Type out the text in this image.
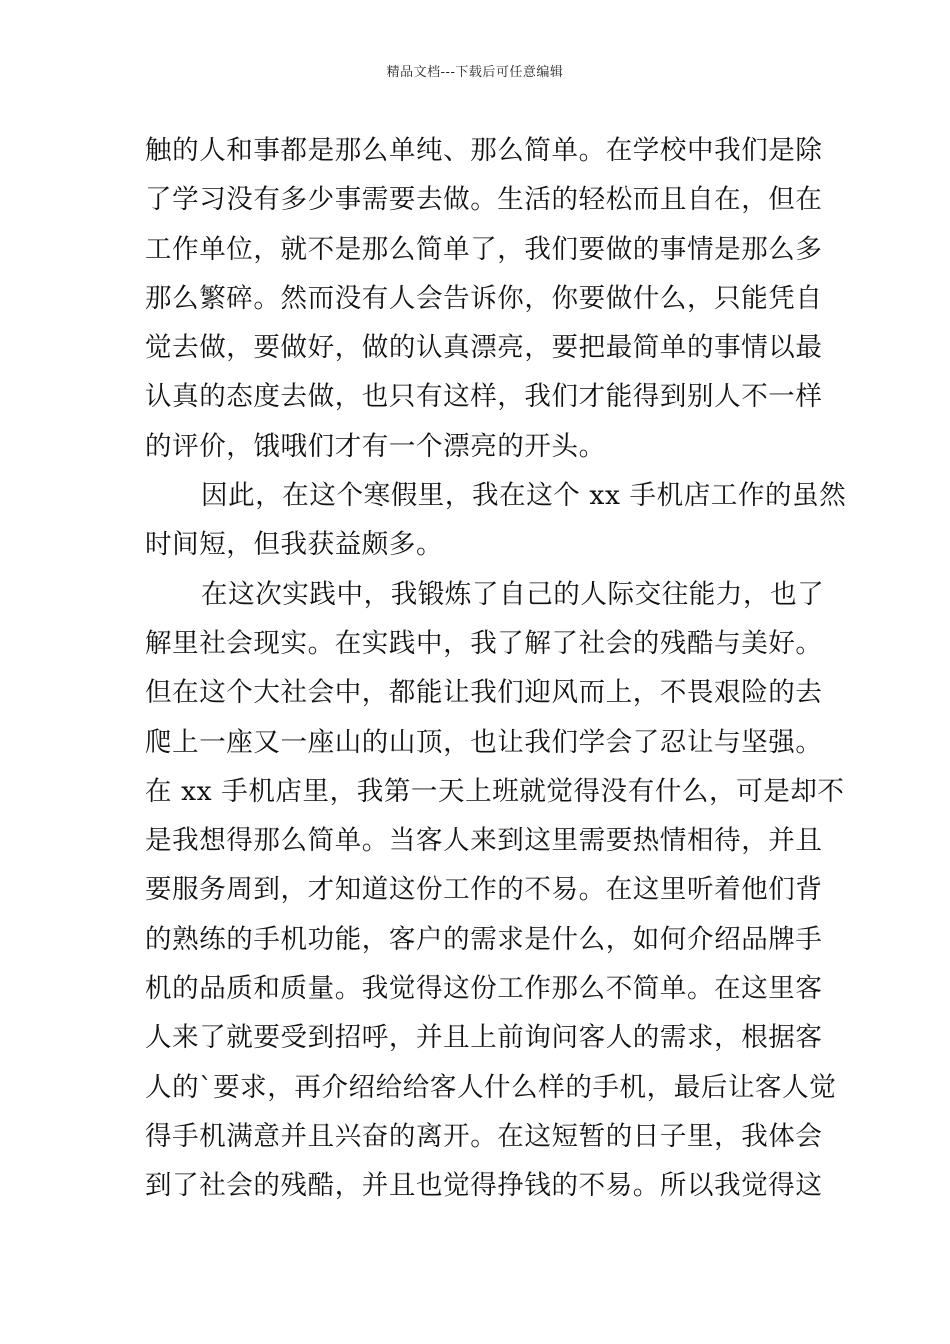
精品文档---下载后可任意编辑
触的人和事都是那么单纯、那么简单。在学校中我们是除
了学习没有多少事需要去做。生活的轻松而且自在，但在
工作单位，就不是那么简单了，我们要做的事情是那么多
那么繁碎。然而没有人会告诉你，你要做什么，只能凭自
觉去做，要做好，做的认真漂亮，要把最简单的事情以最
认真的态度去做，也只有这样，我们才能得到别人不一样
的评价，饿哦们才有一个漂亮的开头。
因此，在这个寒假里，我在这个 xx 手机店工作的虽然
时间短，但我获益颇多。
在这次实践中，我锻炼了自己的人际交往能力，也了
解里社会现实。在实践中，我了解了社会的残酷与美好。
但在这个大社会中，都能让我们迎风而上，不畏艰险的去
爬上一座又一座山的山顶，也让我们学会了忍让与坚强。
在 xx 手机店里，我第一天上班就觉得没有什么，可是却不
是我想得那么简单。当客人来到这里需要热情相待，并且
要服务周到，才知道这份工作的不易。在这里听着他们背
的熟练的手机功能，客户的需求是什么，如何介绍品牌手
机的品质和质量。我觉得这份工作那么不简单。在这里客
人来了就要受到招呼，并且上前询问客人的需求，根据客
人的`要求，再介绍给给客人什么样的手机，最后让客人觉
得手机满意并且兴奋的离开。在这短暂的日子里，我体会
到了社会的残酷，并且也觉得挣钱的不易。所以我觉得这
